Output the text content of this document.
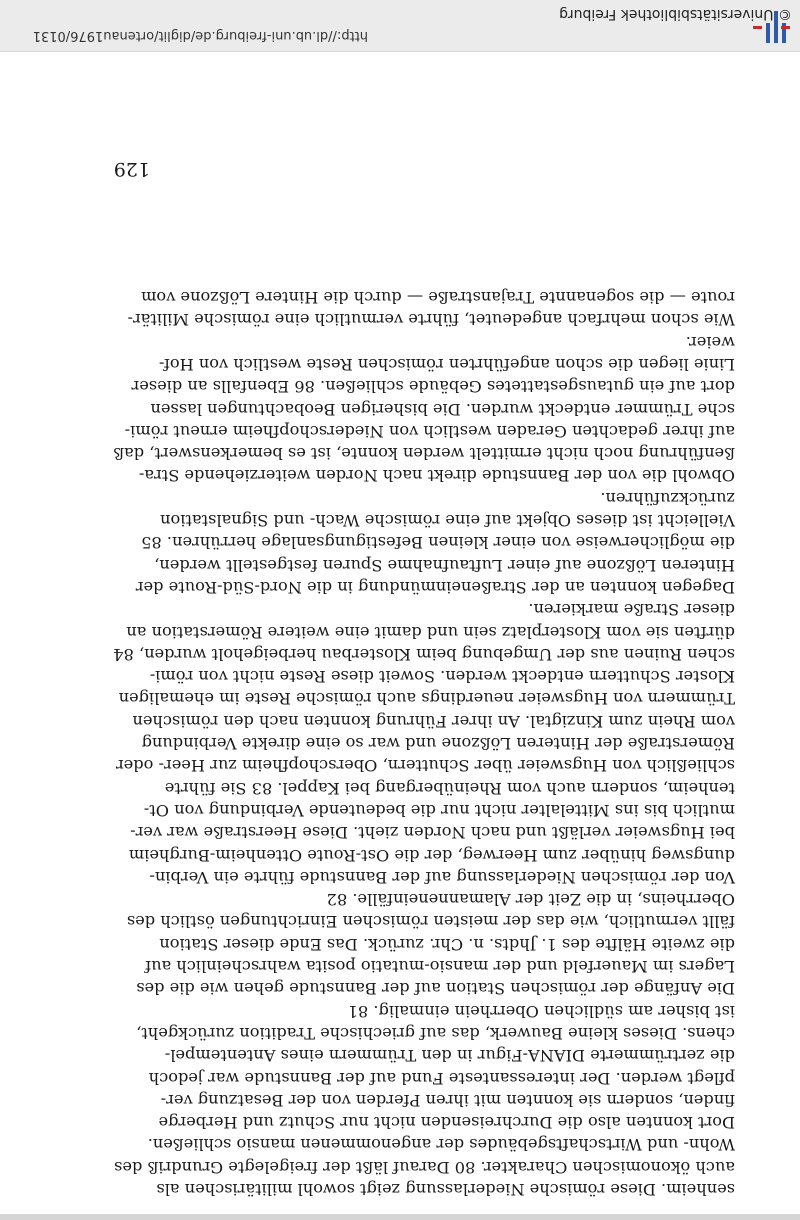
senheim. Diese römische Niederlassung zeigt sowohl militärischen als
auch ökonomischen Charakter. 80 Darauf läßt der freigelegte Grundriß des
Wohn- und Wirtschaftsgebäudes der angenommenen mansio schließen.
Dort konnten also die Durchreisenden nicht nur Schutz und Herberge
finden, sondern sie konnten mit ihren Pferden von der Besatzung ver-
pflegt werden. Der interessanteste Fund auf der Bannstude war jedoch
die zertrümmerte DIANA-Figur in den Trümmern eines Antentempel-
chens. Dieses kleine Bauwerk, das auf griechische Tradition zurückgeht,
ist bisher am südlichen Oberrhein einmalig. 81
Die Anfänge der römischen Station auf der Bannstude gehen wie die des
Lagers im Mauerfeld und der mansio-mutatio posita wahrscheinlich auf
die zweite Hälfte des 1. Jhdts. n. Chr. zurück. Das Ende dieser Station
fällt vermutlich, wie das der meisten römischen Einrichtungen östlich des
Oberrheins, in die Zeit der Alamanneneinfälle. 82
Von der römischen Niederlassung auf der Bannstude führte ein Verbin-
dungsweg hinüber zum Heerweg, der die Ost-Route Ottenheim-Burgheim
bei Hugsweier verläßt und nach Norden zieht. Diese Heerstraße war ver-
mutlich bis ins Mittelalter nicht nur die bedeutende Verbindung von Ot-
tenheim, sondern auch vom Rheinübergang bei Kappel. 83 Sie führte
schließlich von Hugsweier über Schuttern, Oberschopfheim zur Heer- oder
Römerstraße der Hinteren Lößzone und war so eine direkte Verbindung
vom Rhein zum Kinzigtal. An ihrer Führung konnten nach den römischen
Trümmern von Hugsweier neuerdings auch römische Reste im ehemaligen
Kloster Schuttern entdeckt werden. Soweit diese Reste nicht von römi-
schen Ruinen aus der Umgebung beim Klosterbau herbeigeholt wurden, 84
dürften sie vom Klosterplatz sein und damit eine weitere Römerstation an
dieser Straße markieren.
Dagegen konnten an der Straßeneinmündung in die Nord-Süd-Route der
Hinteren Lößzone auf einer Luftaufnahme Spuren festgestellt werden,
die möglicherweise von einer kleinen Befestigungsanlage herrühren. 85
Vielleicht ist dieses Objekt auf eine römische Wach- und Signalstation
zurückzuführen.
Obwohl die von der Bannstude direkt nach Norden weiterziehende Stra-
ßenführung noch nicht ermittelt werden konnte, ist es bemerkenswert, daß
auf ihrer gedachten Geraden westlich von Niederschopfheim erneut römi-
sche Trümmer entdeckt wurden. Die bisherigen Beobachtungen lassen
dort auf ein gutausgestattetes Gebäude schließen. 86 Ebenfalls an dieser
Linie liegen die schon angeführten römischen Reste westlich von Hof-
weier.
Wie schon mehrfach angedeutet, führte vermutlich eine römische Militär-
route — die sogenannte Trajanstraße — durch die Hintere Lößzone vom
129
http://dl.ub.uni-freiburg.de/diglit/ortenau1976/0131
© Universitätsbibliothek Freiburg
